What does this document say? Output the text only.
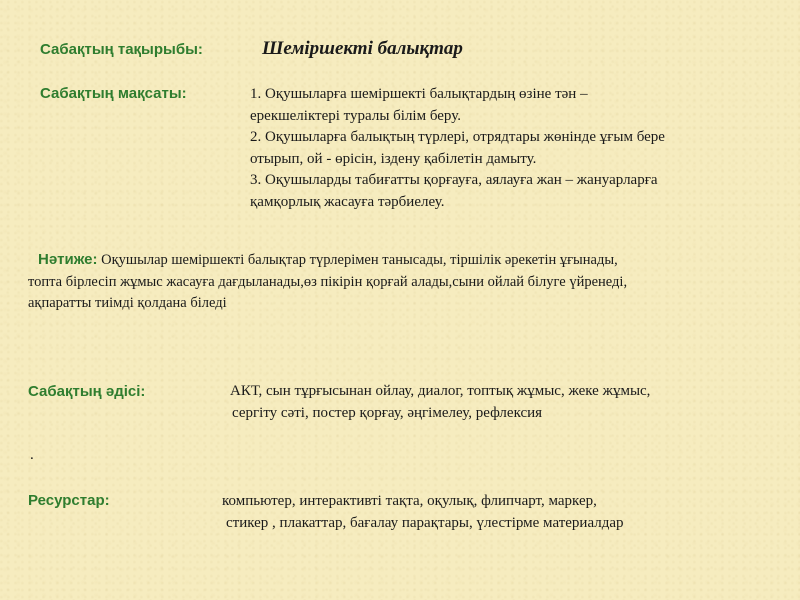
Сабақтың тақырыбы:	Шеміршекті балықтар
Сабақтың мақсаты:	1. Оқушыларға шеміршекті балықтардың өзіне тән –
ерекшеліктері туралы білім беру.
2. Оқушыларға балықтың түрлері, отрядтары жөнінде ұғым бере
отырып, ой - өрісін, іздену қабілетін дамыту.
3. Оқушыларды табиғатты қорғауға, аялауға жан – жануарларға
қамқорлық жасауға тәрбиелеу.
Нәтиже: Оқушылар шеміршекті балықтар түрлерімен танысады, тіршілік әрекетін ұғынады,
топта бірлесіп жұмыс жасауға дағдыланады,өз пікірін қорғай алады,сыни ойлай білуге үйренеді,
ақпаратты тиімді қолдана біледі
Сабақтың әдісі:	АКТ, сын тұрғысынан ойлау, диалог, топтық жұмыс, жеке жұмыс,
сергіту сәті, постер қорғау, әңгімелеу, рефлексия
.
Ресурстар:	компьютер, интерактивті тақта, оқулық, флипчарт, маркер,
стикер , плакаттар, бағалау парақтары, үлестірме материалдар
